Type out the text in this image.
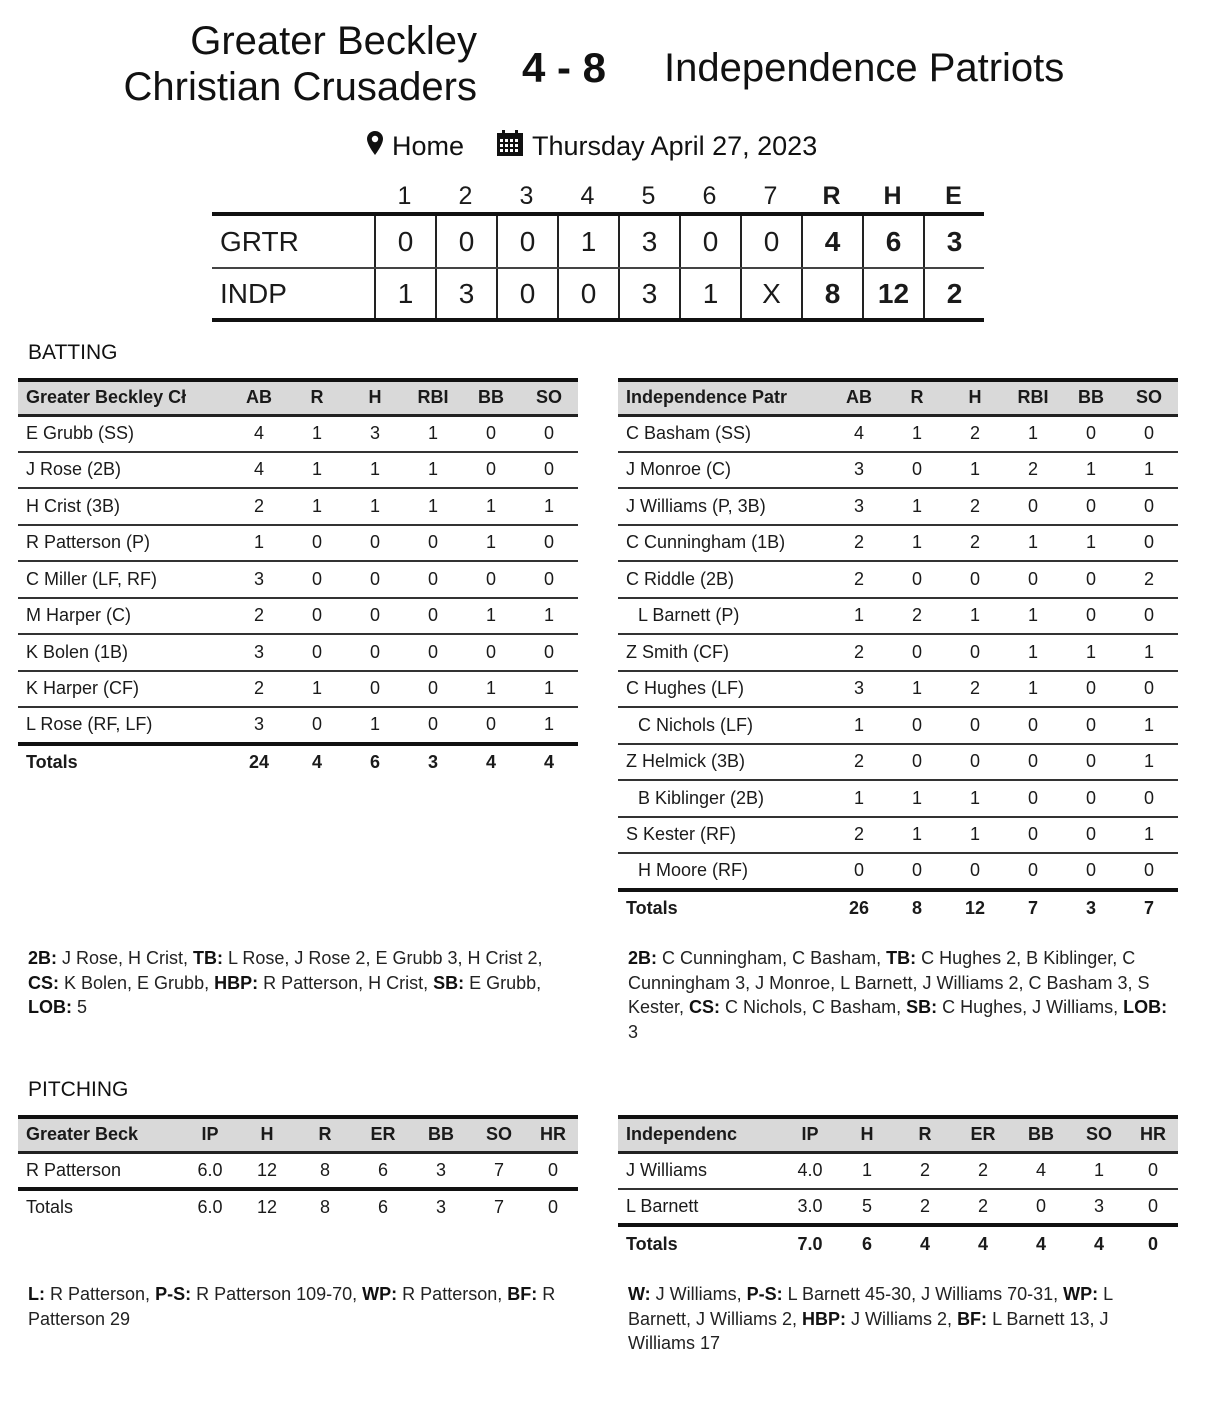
Greater Beckley
Christian Crusaders 4 - 8 Independence Patriots
Home	Thursday April 27, 2023
1	2	3	4	5	6	7	R	H	E
GRTR	0	0	0	1	3	0	0	4	6	3
INDP	1	3	0	0	3	1	X	8	12	2
BATTING
Greater Beckley Cł	AB	R	H	RBI	BB	SO
E Grubb (SS)	4	1	3	1	0	0
J Rose (2B)	4	1	1	1	0	0
H Crist (3B)	2	1	1	1	1	1
R Patterson (P)	1	0	0	0	1	0
C Miller (LF, RF)	3	0	0	0	0	0
M Harper (C)	2	0	0	0	1	1
K Bolen (1B)	3	0	0	0	0	0
K Harper (CF)	2	1	0	0	1	1
L Rose (RF, LF)	3	0	1	0	0	1
Totals	24	4	6	3	4	4
Independence Patr	AB	R	H	RBI	BB	SO
C Basham (SS)	4	1	2	1	0	0
J Monroe (C)	3	0	1	2	1	1
J Williams (P, 3B)	3	1	2	0	0	0
C Cunningham (1B)	2	1	2	1	1	0
C Riddle (2B)	2	0	0	0	0	2
L Barnett (P)	1	2	1	1	0	0
Z Smith (CF)	2	0	0	1	1	1
C Hughes (LF)	3	1	2	1	0	0
C Nichols (LF)	1	0	0	0	0	1
Z Helmick (3B)	2	0	0	0	0	1
B Kiblinger (2B)	1	1	1	0	0	0
S Kester (RF)	2	1	1	0	0	1
H Moore (RF)	0	0	0	0	0	0
Totals	26	8	12	7	3	7
2B: J Rose, H Crist, TB: L Rose, J Rose 2, E Grubb 3, H Crist 2, CS: K Bolen, E Grubb, HBP: R Patterson, H Crist, SB: E Grubb, LOB: 5
2B: C Cunningham, C Basham, TB: C Hughes 2, B Kiblinger, C Cunningham 3, J Monroe, L Barnett, J Williams 2, C Basham 3, S Kester, CS: C Nichols, C Basham, SB: C Hughes, J Williams, LOB: 3
PITCHING
Greater Beck	IP	H	R	ER	BB	SO	HR
R Patterson	6.0	12	8	6	3	7	0
Totals	6.0	12	8	6	3	7	0
Independenc	IP	H	R	ER	BB	SO	HR
J Williams	4.0	1	2	2	4	1	0
L Barnett	3.0	5	2	2	0	3	0
Totals	7.0	6	4	4	4	4	0
L: R Patterson, P-S: R Patterson 109-70, WP: R Patterson, BF: R Patterson 29
W: J Williams, P-S: L Barnett 45-30, J Williams 70-31, WP: L Barnett, J Williams 2, HBP: J Williams 2, BF: L Barnett 13, J Williams 17
